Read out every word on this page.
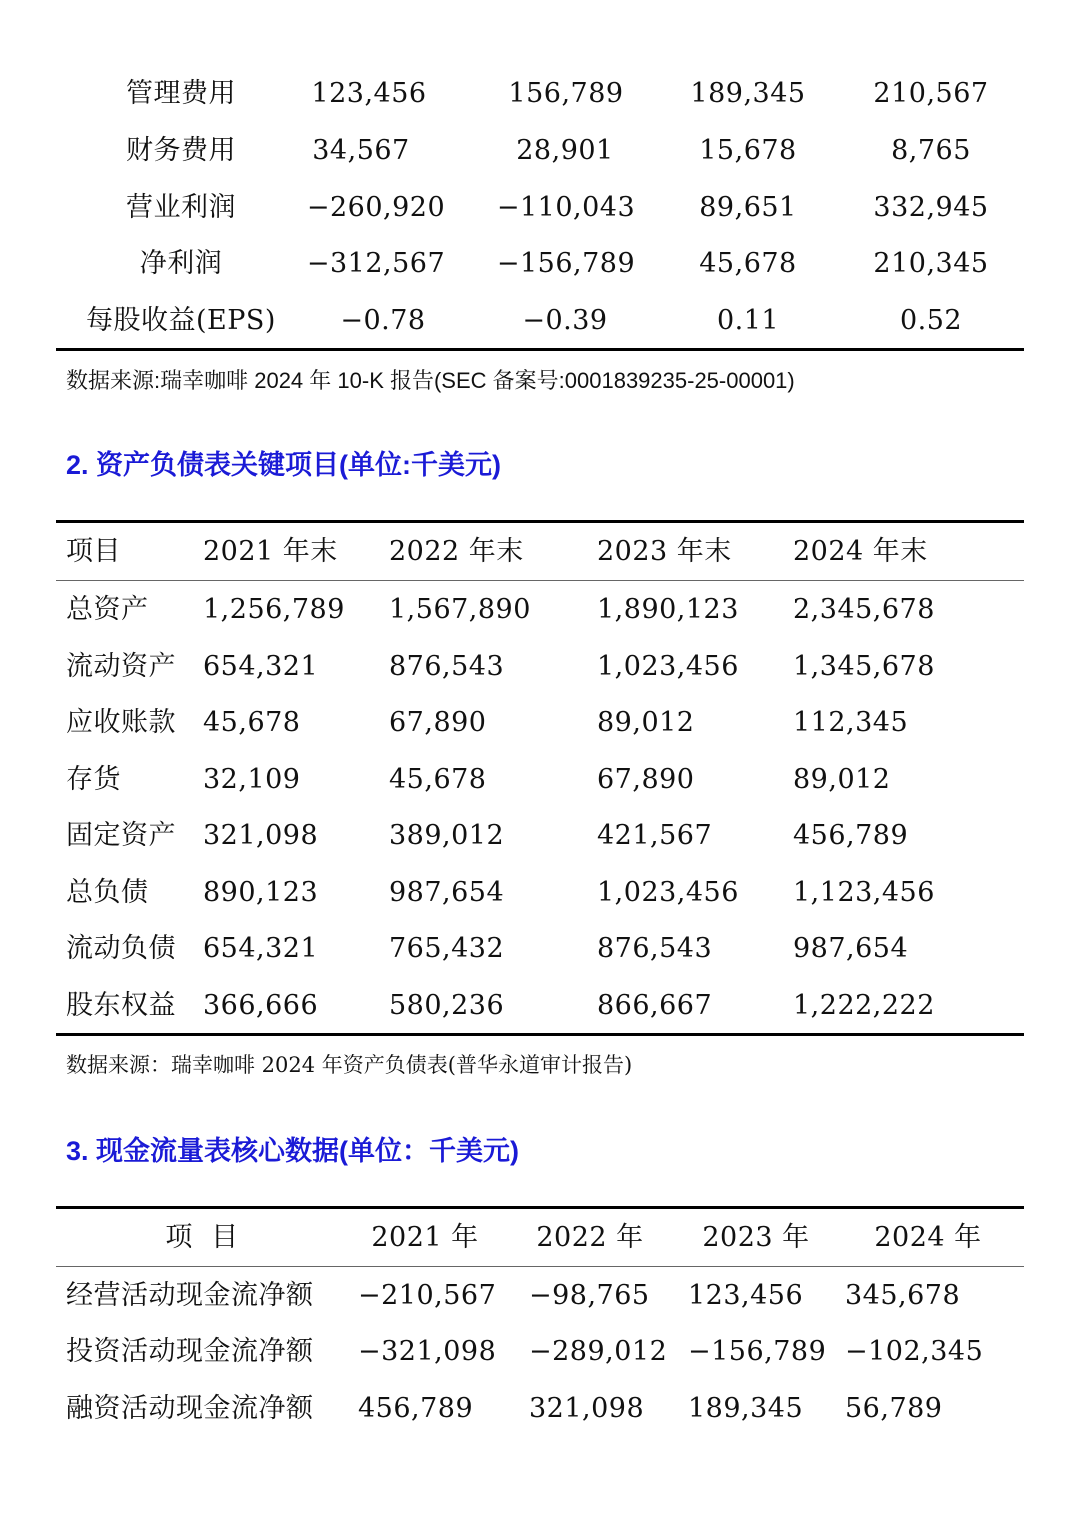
管理费用	123,456	156,789 189,345	210,567
财务费用	34,567	28,901	15,678	8,765
营业利润	−260,920 −110,043 89,651	332,945
净利润	−312,567 −156,789 45,678	210,345
每股收益(EPS) −0.78	−0.39	0.11	0.52
数据来源:瑞幸咖啡 2024 年 10-K 报告(SEC 备案号:0001839235-25-00001)
2. 资产负债表关键项目(单位:千美元)
项目	2021 年末 2022 年末	2023 年末 2024 年末
总资产 1,256,789 1,567,890 1,890,123 2,345,678
流动资产 654,321	876,543	1,023,456 1,345,678
应收账款 45,678	67,890	89,012	112,345
存货	32,109	45,678	67,890	89,012
固定资产 321,098	389,012	421,567	456,789
总负债 890,123	987,654	1,023,456 1,123,456
流动负债 654,321	765,432	876,543	987,654
股东权益 366,666	580,236	866,667	1,222,222
数据来源：瑞幸咖啡 2024 年资产负债表(普华永道审计报告)
3. 现金流量表核心数据(单位：千美元)
项  目	2021 年 2022 年 2023 年 2024 年
经营活动现金流净额 −210,567 −98,765 123,456 345,678
投资活动现金流净额 −321,098 −289,012 −156,789 −102,345
融资活动现金流净额 456,789 321,098 189,345 56,789
